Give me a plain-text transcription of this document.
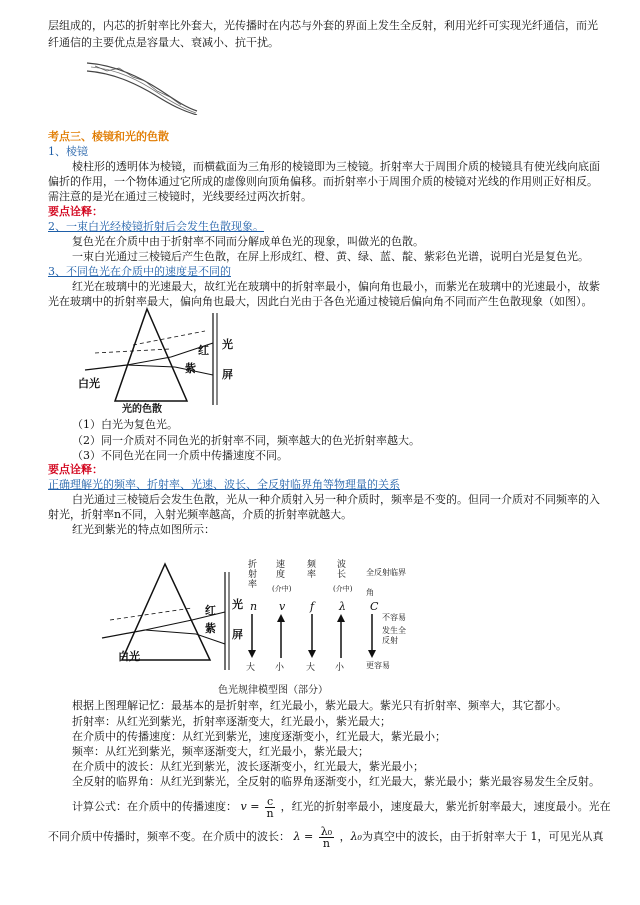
层组成的，内芯的折射率比外套大，光传播时在内芯与外套的界面上发生全反射，利用光纤可实现光纤通信，而光
纤通信的主要优点是容量大、衰减小、抗干扰。
考点三、棱镜和光的色散
1、棱镜
棱柱形的透明体为棱镜，而横截面为三角形的棱镜即为三棱镜。折射率大于周围介质的棱镜具有使光线向底面
偏折的作用，一个物体通过它所成的虚像则向顶角偏移。而折射率小于周围介质的棱镜对光线的作用则正好相反。
需注意的是光在通过三棱镜时，光线要经过两次折射。
要点诠释：
2、一束白光经棱镜折射后会发生色散现象。
复色光在介质中由于折射率不同而分解成单色光的现象，叫做光的色散。
一束白光通过三棱镜后产生色散，在屏上形成红、橙、黄、绿、蓝、靛、紫彩色光谱，说明白光是复色光。
3、不同色光在介质中的速度是不同的
红光在玻璃中的光速最大，故红光在玻璃中的折射率最小，偏向角也最小，而紫光在玻璃中的光速最小，故紫
光在玻璃中的折射率最大，偏向角也最大，因此白光由于各色光通过棱镜后偏向角不同而产生色散现象（如图）。
白光
红
紫
光
屏
光的色散
（1）白光为复色光。
（2）同一介质对不同色光的折射率不同，频率越大的色光折射率越大。
（3）不同色光在同一介质中传播速度不同。
要点诠释：
正确理解光的频率、折射率、光速、波长、全反射临界角等物理量的关系
白光通过三棱镜后会发生色散，光从一种介质射入另一种介质时，频率是不变的。但同一介质对不同频率的入
射光，折射率n不同，入射光频率越高，介质的折射率就越大。
红光到紫光的特点如图所示：
白光
红
紫
光
屏
折射率
速度
(介中)
频率
波长
(介中)
全反射临界角
n v f λ C
不容易
发生全反射
大 小 大 小	更容易
色光规律模型图（部分）
根据上图理解记忆：最基本的是折射率，红光最小，紫光最大。紫光只有折射率、频率大，其它都小。
折射率：从红光到紫光，折射率逐渐变大，红光最小，紫光最大；
在介质中的传播速度：从红光到紫光，速度逐渐变小，红光最大，紫光最小；
频率：从红光到紫光，频率逐渐变大，红光最小，紫光最大；
在介质中的波长：从红光到紫光，波长逐渐变小，红光最大，紫光最小；
全反射的临界角：从红光到紫光，全反射的临界角逐渐变小，红光最大，紫光最小；紫光最容易发生全反射。
计算公式：在介质中的传播速度： $v = \frac{c}{n}$ ，红光的折射率最小，速度最大，紫光折射率最大，速度最小。光在
不同介质中传播时，频率不变。在介质中的波长： $\lambda = \frac{\text{λ₀}}{n}$ ，λ₀为真空中的波长，由于折射率大于 1，可见光从真
